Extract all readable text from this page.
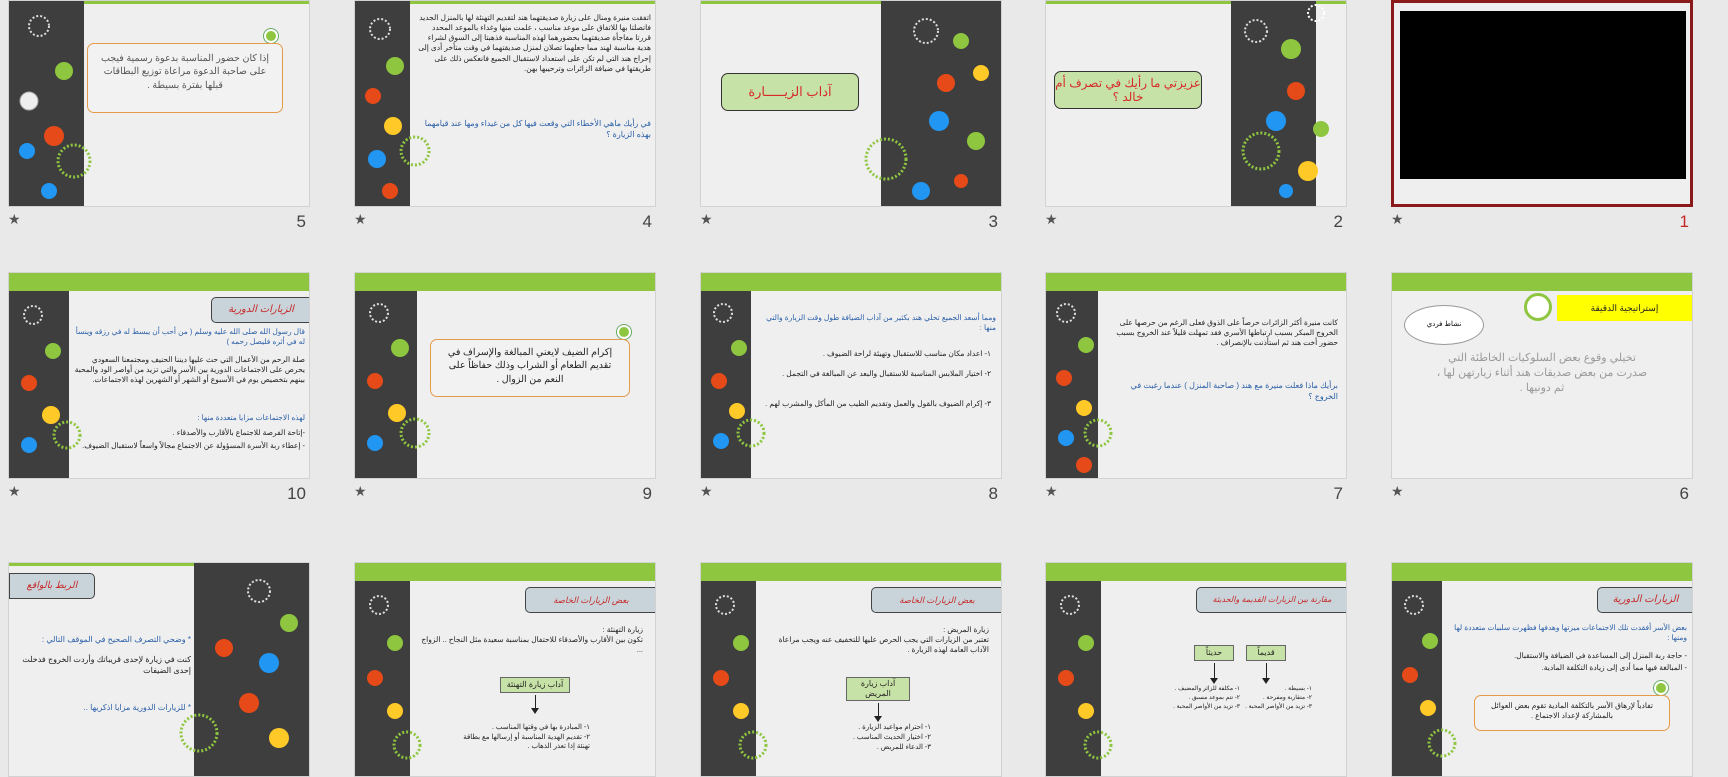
★	1
عزيزتي ما رأيك في تصرف أم خالد ؟
★	2
آداب الزيـــــارة
★	3
اتفقت منيرة ومنال على زيارة صديقتهما هند لتقديم التهنئة لها بالمنزل الجديد فاتصلتا بها للاتفاق على موعد مناسب ، علمت منها وغداء بالموعد المحدد قررتا مفاجأة صديقتهما بحضورهما لهذه المناسبة فذهبتا إلى السوق لشراء هدية مناسبة لهند مما جعلهما تصلان لمنزل صديقتهما في وقت متأخر أدى إلى إحراج هند التي لم تكن على استعداد لاستقبال الجميع فانعكس ذلك على طريقتها في ضيافة الزائرات وترحيبها بهن.
في رأيك ماهي الأخطاء التي وقعت فيها كل من غيداء ومها عند قيامهما بهذه الزيارة ؟
★	4
إذا كان حضور المناسبة بدعوة رسمية فيجب على صاحبة الدعوة مراعاة توزيع البطاقات قبلها بفترة بسيطة .
★	5
إستراتيجية الدقيقة
نشاط فردي
تخيلي وقوع بعض السلوكيات الخاطئة التي صدرت من بعض صديقات هند أثناء زيارتهن لها ، ثم دونيها .
★	6
كانت منيرة أكثر الزائرات حرصاً على الذوق فعلى الرغم من حرصها على الخروج المبكر بسبب ارتباطها الأسري فقد تمهلت قليلاً عند الخروج بسبب حضور أخت هند ثم استأذنت بالإنصراف .
برأيك ماذا فعلت منيرة مع هند ( صاحبة المنزل ) عندما رغبت في الخروج ؟
★	7
ومما أسعد الجميع تحلي هند بكثير من آداب الضيافة طول وقت الزيارة والتي منها :
١- اعداد مكان مناسب للاستقبال وتهيئة لراحة الضيوف .
٢- اختيار الملابس المناسبة للاستقبال والبعد عن المبالغة في التجمل .
٣- إكرام الضيوف بالقول والعمل وتقديم الطيب من المأكل والمشرب لهم .
★	8
إكرام الضيف لايعني المبالغة والإسراف في تقديم الطعام أو الشراب وذلك حفاظاً على النعم من الزوال .
★	9
الزيارات الدورية
قال رسول الله صلى الله عليه وسلم ( من أحب أن يبسط له في رزقه وينسأ له في أثره فليصل رحمه )
صلة الرحم من الأعمال التي حث عليها ديننا الحنيف ومجتمعنا السعودي يحرص على الاجتماعات الدورية بين الأسر والتي تزيد من أواصر الود والمحبة بينهم بتخصيص يوم في الأسبوع أو الشهر أو الشهرين لهذه الاجتماعات.
لهذه الاجتماعات مزايا متعددة منها :
-إتاحة الفرصة للاجتماع بالأقارب والأصدقاء .
- إعطاء ربة الأسرة المسؤولة عن الاجتماع مجالاً واسعاً لاستقبال الضيوف.
★	10
الزيارات الدورية
بعض الأسر أفقدت تلك الاجتماعات ميزتها وهدفها فظهرت سلبيات متعددة لها ومنها :
- حاجة ربة المنزل إلى المساعدة في الضيافة والاستقبال.
- المبالغة فيها مما أدى إلى زيادة التكلفة المادية.
تفادياً لإرهاق الأسر بالتكلفة المادية تقوم بعض العوائل بالمشاركة لإعداد الاجتماع .
مقارنة بين الزيارات القديمة والحديثة
قديماً
حديثاً
١- بسيطة .
٢- متقاربة ومفرحة .
٣- تزيد من الأواصر المحبة .
١- مكلفة للزائر والمضيف .
٢- تتم بموعد مسبق .
٣- تزيد من الأواصر المحبة .
بعض الزيارات الخاصة
زيارة المريض :
تعتبر من الزيارات التي يجب الحرص عليها للتخفيف عنه ويجب مراعاة الآداب العامة لهذه الزيارة .
آداب زيارة المريض
١- احترام مواعيد الزيارة .
٢- اختيار الحديث المناسب .
٣- الدعاء للمريض .
بعض الزيارات الخاصة
زيارة التهنئة :
تكون بين الأقارب والأصدقاء للاحتفال بمناسبة سعيدة مثل النجاح .. الزواج ...
آداب زيارة التهنئة
١- المبادرة بها في وقتها المناسب .
٢- تقديم الهدية المناسبة أو إرسالها مع بطاقة تهنئة إذا تعذر الذهاب .
الربط بالواقع
* وضحي التصرف الصحيح في الموقف التالي :
كنت في زيارة لإحدى قريباتك وأردت الخروج فدخلت إحدى الضيفات
* للزيارات الدورية مزايا اذكريها ..
